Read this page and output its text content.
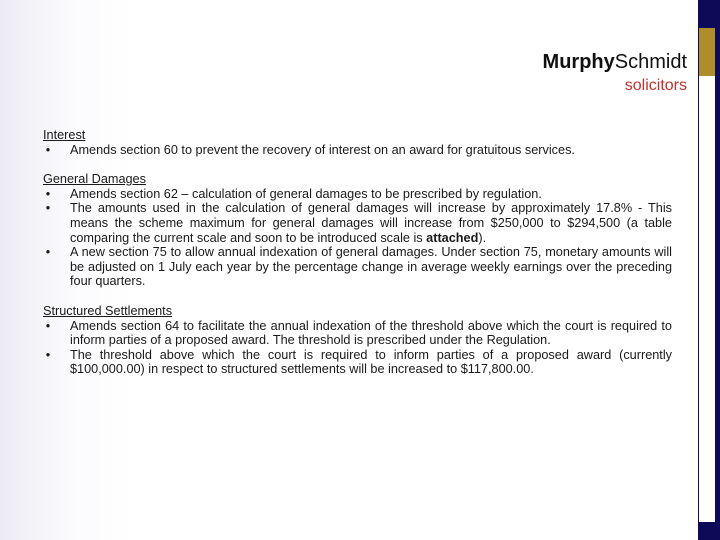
MurphySchmidt
solicitors
Interest
• Amends section 60 to prevent the recovery of interest on an award for gratuitous services.
General Damages
• Amends section 62 – calculation of general damages to be prescribed by regulation.
• The amounts used in the calculation of general damages will increase by approximately 17.8% - This means the scheme maximum for general damages will increase from $250,000 to $294,500 (a table comparing the current scale and soon to be introduced scale is attached).
• A new section 75 to allow annual indexation of general damages. Under section 75, monetary amounts will be adjusted on 1 July each year by the percentage change in average weekly earnings over the preceding four quarters.
Structured Settlements
• Amends section 64 to facilitate the annual indexation of the threshold above which the court is required to inform parties of a proposed award. The threshold is prescribed under the Regulation.
• The threshold above which the court is required to inform parties of a proposed award (currently $100,000.00) in respect to structured settlements will be increased to $117,800.00.
